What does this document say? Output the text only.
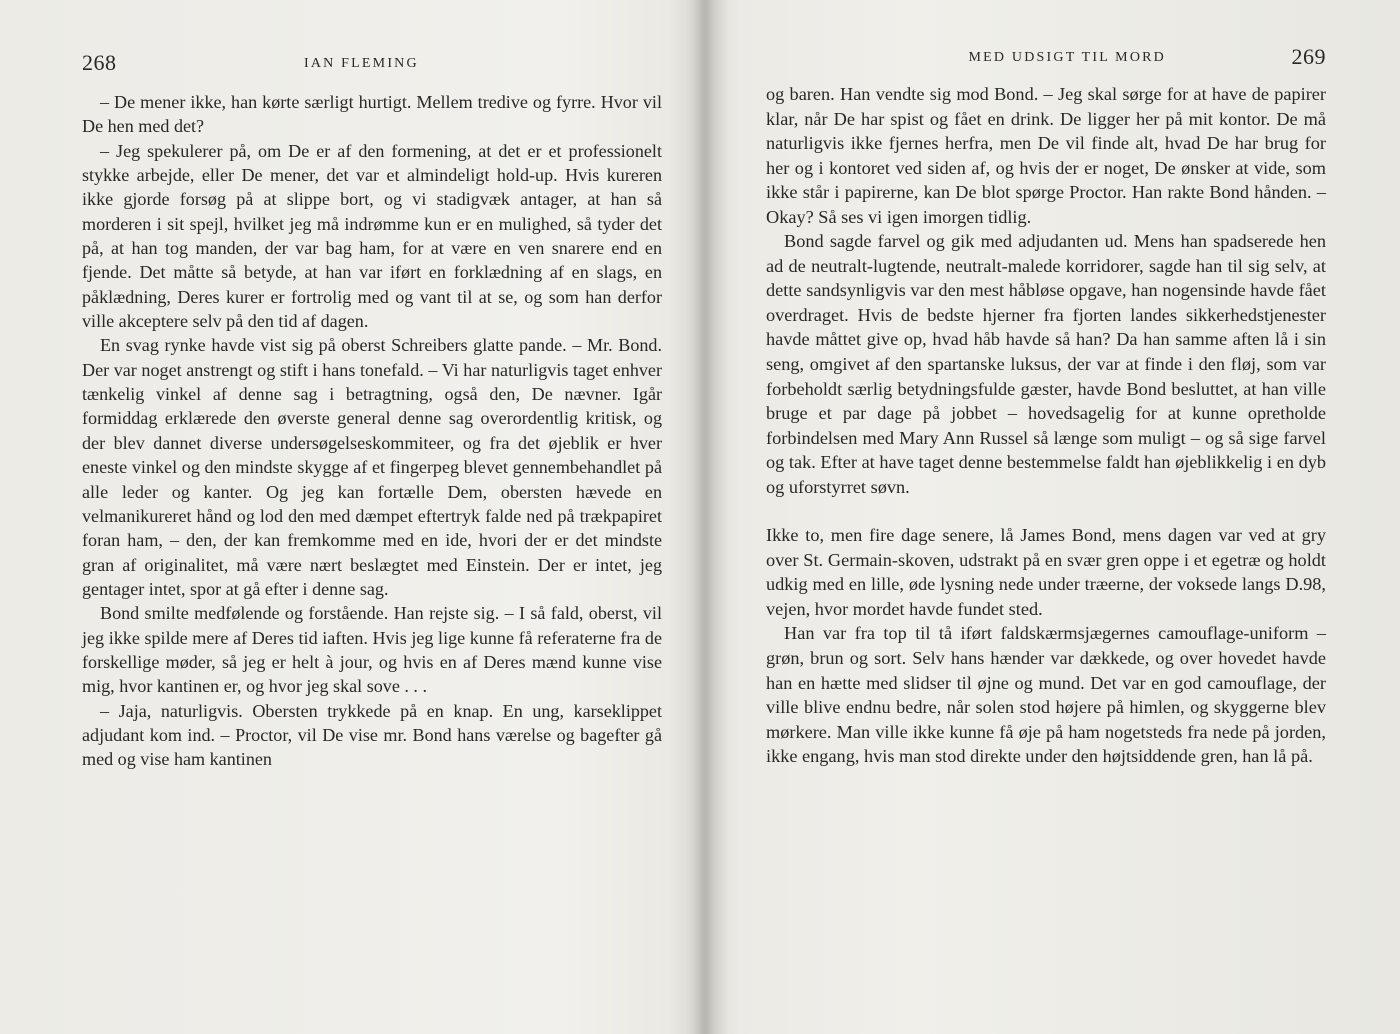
268	IAN FLEMING

– De mener ikke, han kørte særligt hurtigt. Mellem tredive og fyrre. Hvor vil De hen med det?

– Jeg spekulerer på, om De er af den formening, at det er et professionelt stykke arbejde, eller De mener, det var et almindeligt hold-up. Hvis kureren ikke gjorde forsøg på at slippe bort, og vi stadigvæk antager, at han så morderen i sit spejl, hvilket jeg må indrømme kun er en mulighed, så tyder det på, at han tog manden, der var bag ham, for at være en ven snarere end en fjende. Det måtte så betyde, at han var iført en forklædning af en slags, en påklædning, Deres kurer er fortrolig med og vant til at se, og som han derfor ville akceptere selv på den tid af dagen.

En svag rynke havde vist sig på oberst Schreibers glatte pande. – Mr. Bond. Der var noget anstrengt og stift i hans tonefald. – Vi har naturligvis taget enhver tænkelig vinkel af denne sag i betragtning, også den, De nævner. Igår formiddag erklærede den øverste general denne sag overordentlig kritisk, og der blev dannet diverse undersøgelseskommiteer, og fra det øjeblik er hver eneste vinkel og den mindste skygge af et fingerpeg blevet gennembehandlet på alle leder og kanter. Og jeg kan fortælle Dem, obersten hævede en velmanikureret hånd og lod den med dæmpet eftertryk falde ned på trækpapiret foran ham, – den, der kan fremkomme med en ide, hvori der er det mindste gran af originalitet, må være nært beslægtet med Einstein. Der er intet, jeg gentager intet, spor at gå efter i denne sag.

Bond smilte medfølende og forstående. Han rejste sig. – I så fald, oberst, vil jeg ikke spilde mere af Deres tid iaften. Hvis jeg lige kunne få referaterne fra de forskellige møder, så jeg er helt à jour, og hvis en af Deres mænd kunne vise mig, hvor kantinen er, og hvor jeg skal sove . . .

– Jaja, naturligvis. Obersten trykkede på en knap. En ung, karseklippet adjudant kom ind. – Proctor, vil De vise mr. Bond hans værelse og bagefter gå med og vise ham kantinen

MED UDSIGT TIL MORD	269

og baren. Han vendte sig mod Bond. – Jeg skal sørge for at have de papirer klar, når De har spist og fået en drink. De ligger her på mit kontor. De må naturligvis ikke fjernes herfra, men De vil finde alt, hvad De har brug for her og i kontoret ved siden af, og hvis der er noget, De ønsker at vide, som ikke står i papirerne, kan De blot spørge Proctor. Han rakte Bond hånden. – Okay? Så ses vi igen imorgen tidlig.

Bond sagde farvel og gik med adjudanten ud. Mens han spadserede hen ad de neutralt-lugtende, neutralt-malede korridorer, sagde han til sig selv, at dette sandsynligvis var den mest håbløse opgave, han nogensinde havde fået overdraget. Hvis de bedste hjerner fra fjorten landes sikkerhedstjenester havde måttet give op, hvad håb havde så han? Da han samme aften lå i sin seng, omgivet af den spartanske luksus, der var at finde i den fløj, som var forbeholdt særlig betydningsfulde gæster, havde Bond besluttet, at han ville bruge et par dage på jobbet – hovedsagelig for at kunne opretholde forbindelsen med Mary Ann Russel så længe som muligt – og så sige farvel og tak. Efter at have taget denne bestemmelse faldt han øjeblikkelig i en dyb og uforstyrret søvn.

Ikke to, men fire dage senere, lå James Bond, mens dagen var ved at gry over St. Germain-skoven, udstrakt på en svær gren oppe i et egetræ og holdt udkig med en lille, øde lysning nede under træerne, der voksede langs D.98, vejen, hvor mordet havde fundet sted.

Han var fra top til tå iført faldskærmsjægernes camouflage-uniform – grøn, brun og sort. Selv hans hænder var dækkede, og over hovedet havde han en hætte med slidser til øjne og mund. Det var en god camouflage, der ville blive endnu bedre, når solen stod højere på himlen, og skyggerne blev mørkere. Man ville ikke kunne få øje på ham nogetsteds fra nede på jorden, ikke engang, hvis man stod direkte under den højtsiddende gren, han lå på.
